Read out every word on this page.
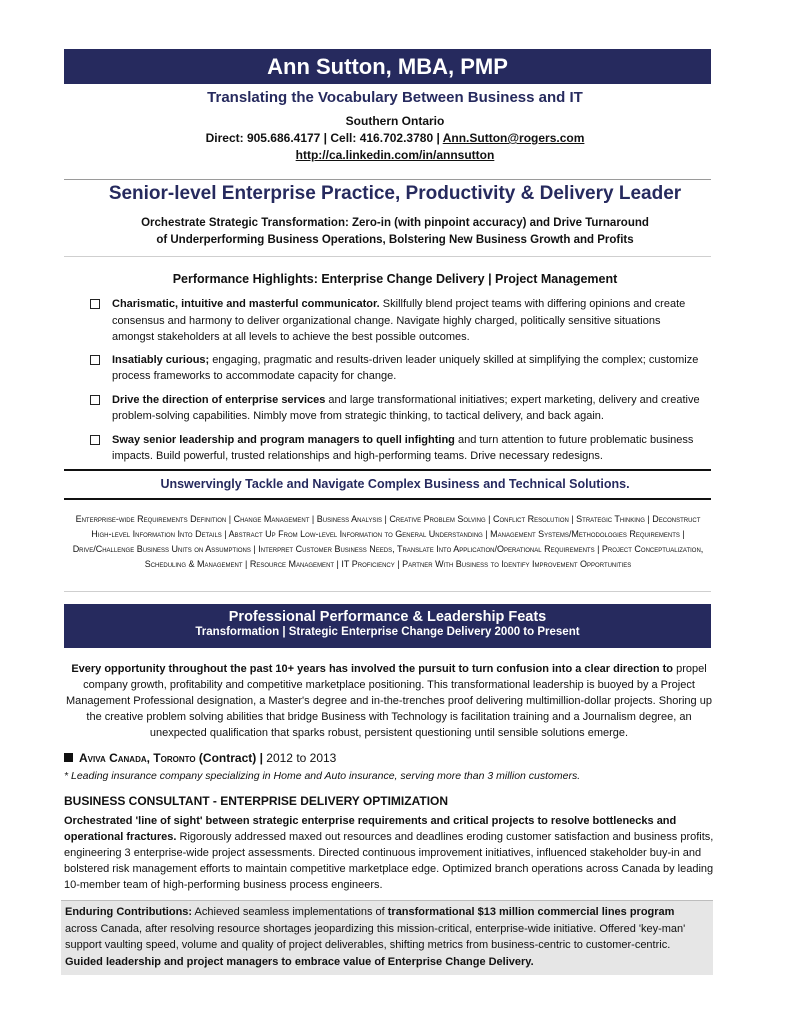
Ann Sutton, MBA, PMP
Translating the Vocabulary Between Business and IT
Southern Ontario
Direct: 905.686.4177 | Cell: 416.702.3780 | Ann.Sutton@rogers.com
http://ca.linkedin.com/in/annsutton
Senior-level Enterprise Practice, Productivity & Delivery Leader
Orchestrate Strategic Transformation: Zero-in (with pinpoint accuracy) and Drive Turnaround
of Underperforming Business Operations, Bolstering New Business Growth and Profits
Performance Highlights: Enterprise Change Delivery | Project Management
Charismatic, intuitive and masterful communicator. Skillfully blend project teams with differing opinions and create consensus and harmony to deliver organizational change. Navigate highly charged, politically sensitive situations amongst stakeholders at all levels to achieve the best possible outcomes.
Insatiably curious; engaging, pragmatic and results-driven leader uniquely skilled at simplifying the complex; customize process frameworks to accommodate capacity for change.
Drive the direction of enterprise services and large transformational initiatives; expert marketing, delivery and creative problem-solving capabilities. Nimbly move from strategic thinking, to tactical delivery, and back again.
Sway senior leadership and program managers to quell infighting and turn attention to future problematic business impacts. Build powerful, trusted relationships and high-performing teams. Drive necessary redesigns.
Unswervingly Tackle and Navigate Complex Business and Technical Solutions.
Enterprise-wide Requirements Definition | Change Management | Business Analysis | Creative Problem Solving | Conflict Resolution | Strategic Thinking | Deconstruct High-level Information Into Details | Abstract Up From Low-level Information to General Understanding | Management Systems/Methodologies Requirements | Drive/Challenge Business Units on Assumptions | Interpret Customer Business Needs, Translate Into Application/Operational Requirements | Project Conceptualization, Scheduling & Management | Resource Management | IT Proficiency | Partner With Business to Identify Improvement Opportunities
Professional Performance & Leadership Feats
Transformation | Strategic Enterprise Change Delivery 2000 to Present
Every opportunity throughout the past 10+ years has involved the pursuit to turn confusion into a clear direction to propel company growth, profitability and competitive marketplace positioning. This transformational leadership is buoyed by a Project Management Professional designation, a Master's degree and in-the-trenches proof delivering multimillion-dollar projects. Shoring up the creative problem solving abilities that bridge Business with Technology is facilitation training and a Journalism degree, an unexpected qualification that sparks robust, persistent questioning until sensible solutions emerge.
Aviva Canada, Toronto (Contract) | 2012 to 2013
* Leading insurance company specializing in Home and Auto insurance, serving more than 3 million customers.
BUSINESS CONSULTANT - ENTERPRISE DELIVERY OPTIMIZATION
Orchestrated 'line of sight' between strategic enterprise requirements and critical projects to resolve bottlenecks and operational fractures. Rigorously addressed maxed out resources and deadlines eroding customer satisfaction and business profits, engineering 3 enterprise-wide project assessments. Directed continuous improvement initiatives, influenced stakeholder buy-in and bolstered risk management efforts to maintain competitive marketplace edge. Optimized branch operations across Canada by leading 10-member team of high-performing business process engineers.
Enduring Contributions: Achieved seamless implementations of transformational $13 million commercial lines program across Canada, after resolving resource shortages jeopardizing this mission-critical, enterprise-wide initiative. Offered 'key-man' support vaulting speed, volume and quality of project deliverables, shifting metrics from business-centric to customer-centric. Guided leadership and project managers to embrace value of Enterprise Change Delivery.
